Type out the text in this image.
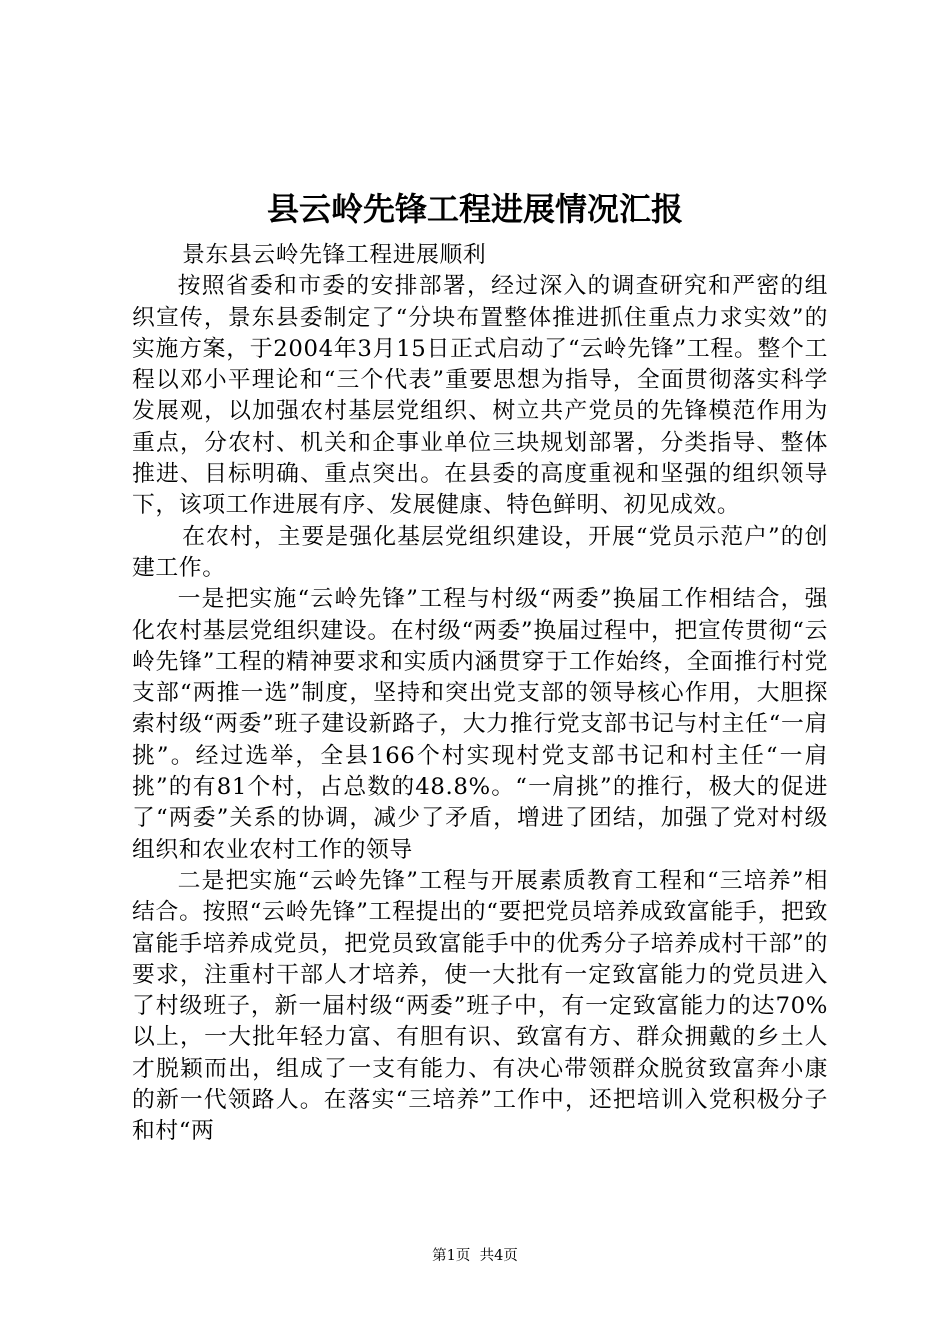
县云岭先锋工程进展情况汇报

景东县云岭先锋工程进展顺利

按照省委和市委的安排部署，经过深入的调查研究和严密的组织宣传，景东县委制定了“分块布置整体推进抓住重点力求实效”的实施方案，于2004年3月15日正式启动了“云岭先锋”工程。整个工程以邓小平理论和“三个代表”重要思想为指导，全面贯彻落实科学发展观，以加强农村基层党组织、树立共产党员的先锋模范作用为重点，分农村、机关和企事业单位三块规划部署，分类指导、整体推进、目标明确、重点突出。在县委的高度重视和坚强的组织领导下，该项工作进展有序、发展健康、特色鲜明、初见成效。

在农村，主要是强化基层党组织建设，开展“党员示范户”的创建工作。

一是把实施“云岭先锋”工程与村级“两委”换届工作相结合，强化农村基层党组织建设。在村级“两委”换届过程中，把宣传贯彻“云岭先锋”工程的精神要求和实质内涵贯穿于工作始终，全面推行村党支部“两推一选”制度，坚持和突出党支部的领导核心作用，大胆探索村级“两委”班子建设新路子，大力推行党支部书记与村主任“一肩挑”。经过选举，全县166个村实现村党支部书记和村主任“一肩挑”的有81个村，占总数的48.8%。“一肩挑”的推行，极大的促进了“两委”关系的协调，减少了矛盾，增进了团结，加强了党对村级组织和农业农村工作的领导

二是把实施“云岭先锋”工程与开展素质教育工程和“三培养”相结合。按照“云岭先锋”工程提出的“要把党员培养成致富能手，把致富能手培养成党员，把党员致富能手中的优秀分子培养成村干部”的要求，注重村干部人才培养，使一大批有一定致富能力的党员进入了村级班子，新一届村级“两委”班子中，有一定致富能力的达70%以上，一大批年轻力富、有胆有识、致富有方、群众拥戴的乡土人才脱颖而出，组成了一支有能力、有决心带领群众脱贫致富奔小康的新一代领路人。在落实“三培养”工作中，还把培训入党积极分子和村“两

第1页 共4页
